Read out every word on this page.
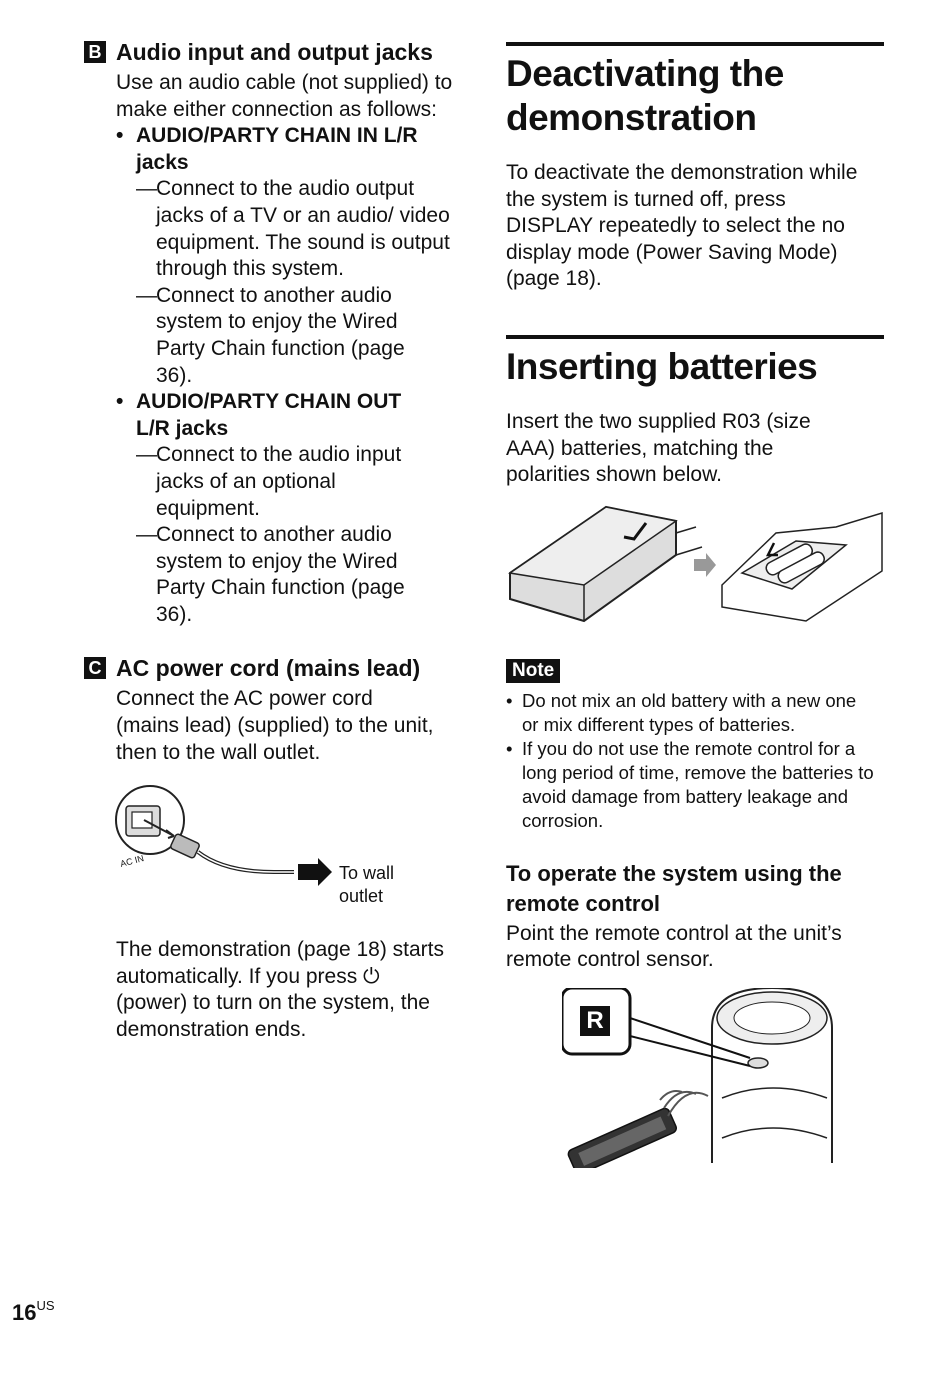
B Audio input and output jacks
Use an audio cable (not supplied) to make either connection as follows:
• AUDIO/PARTY CHAIN IN L/R jacks
— Connect to the audio output jacks of a TV or an audio/ video equipment. The sound is output through this system.
— Connect to another audio system to enjoy the Wired Party Chain function (page 36).
• AUDIO/PARTY CHAIN OUT L/R jacks
— Connect to the audio input jacks of an optional equipment.
— Connect to another audio system to enjoy the Wired Party Chain function (page 36).
C AC power cord (mains lead)
Connect the AC power cord (mains lead) (supplied) to the unit, then to the wall outlet.
AC IN
To wall
outlet
The demonstration (page 18) starts automatically. If you press ⏻ (power) to turn on the system, the demonstration ends.
Deactivating the
demonstration
To deactivate the demonstration while the system is turned off, press DISPLAY repeatedly to select the no display mode (Power Saving Mode) (page 18).
Inserting batteries
Insert the two supplied R03 (size AAA) batteries, matching the polarities shown below.
Note
• Do not mix an old battery with a new one or mix different types of batteries.
• If you do not use the remote control for a long period of time, remove the batteries to avoid damage from battery leakage and corrosion.
To operate the system using the remote control
Point the remote control at the unit’s remote control sensor.
R
$16^{US}$
